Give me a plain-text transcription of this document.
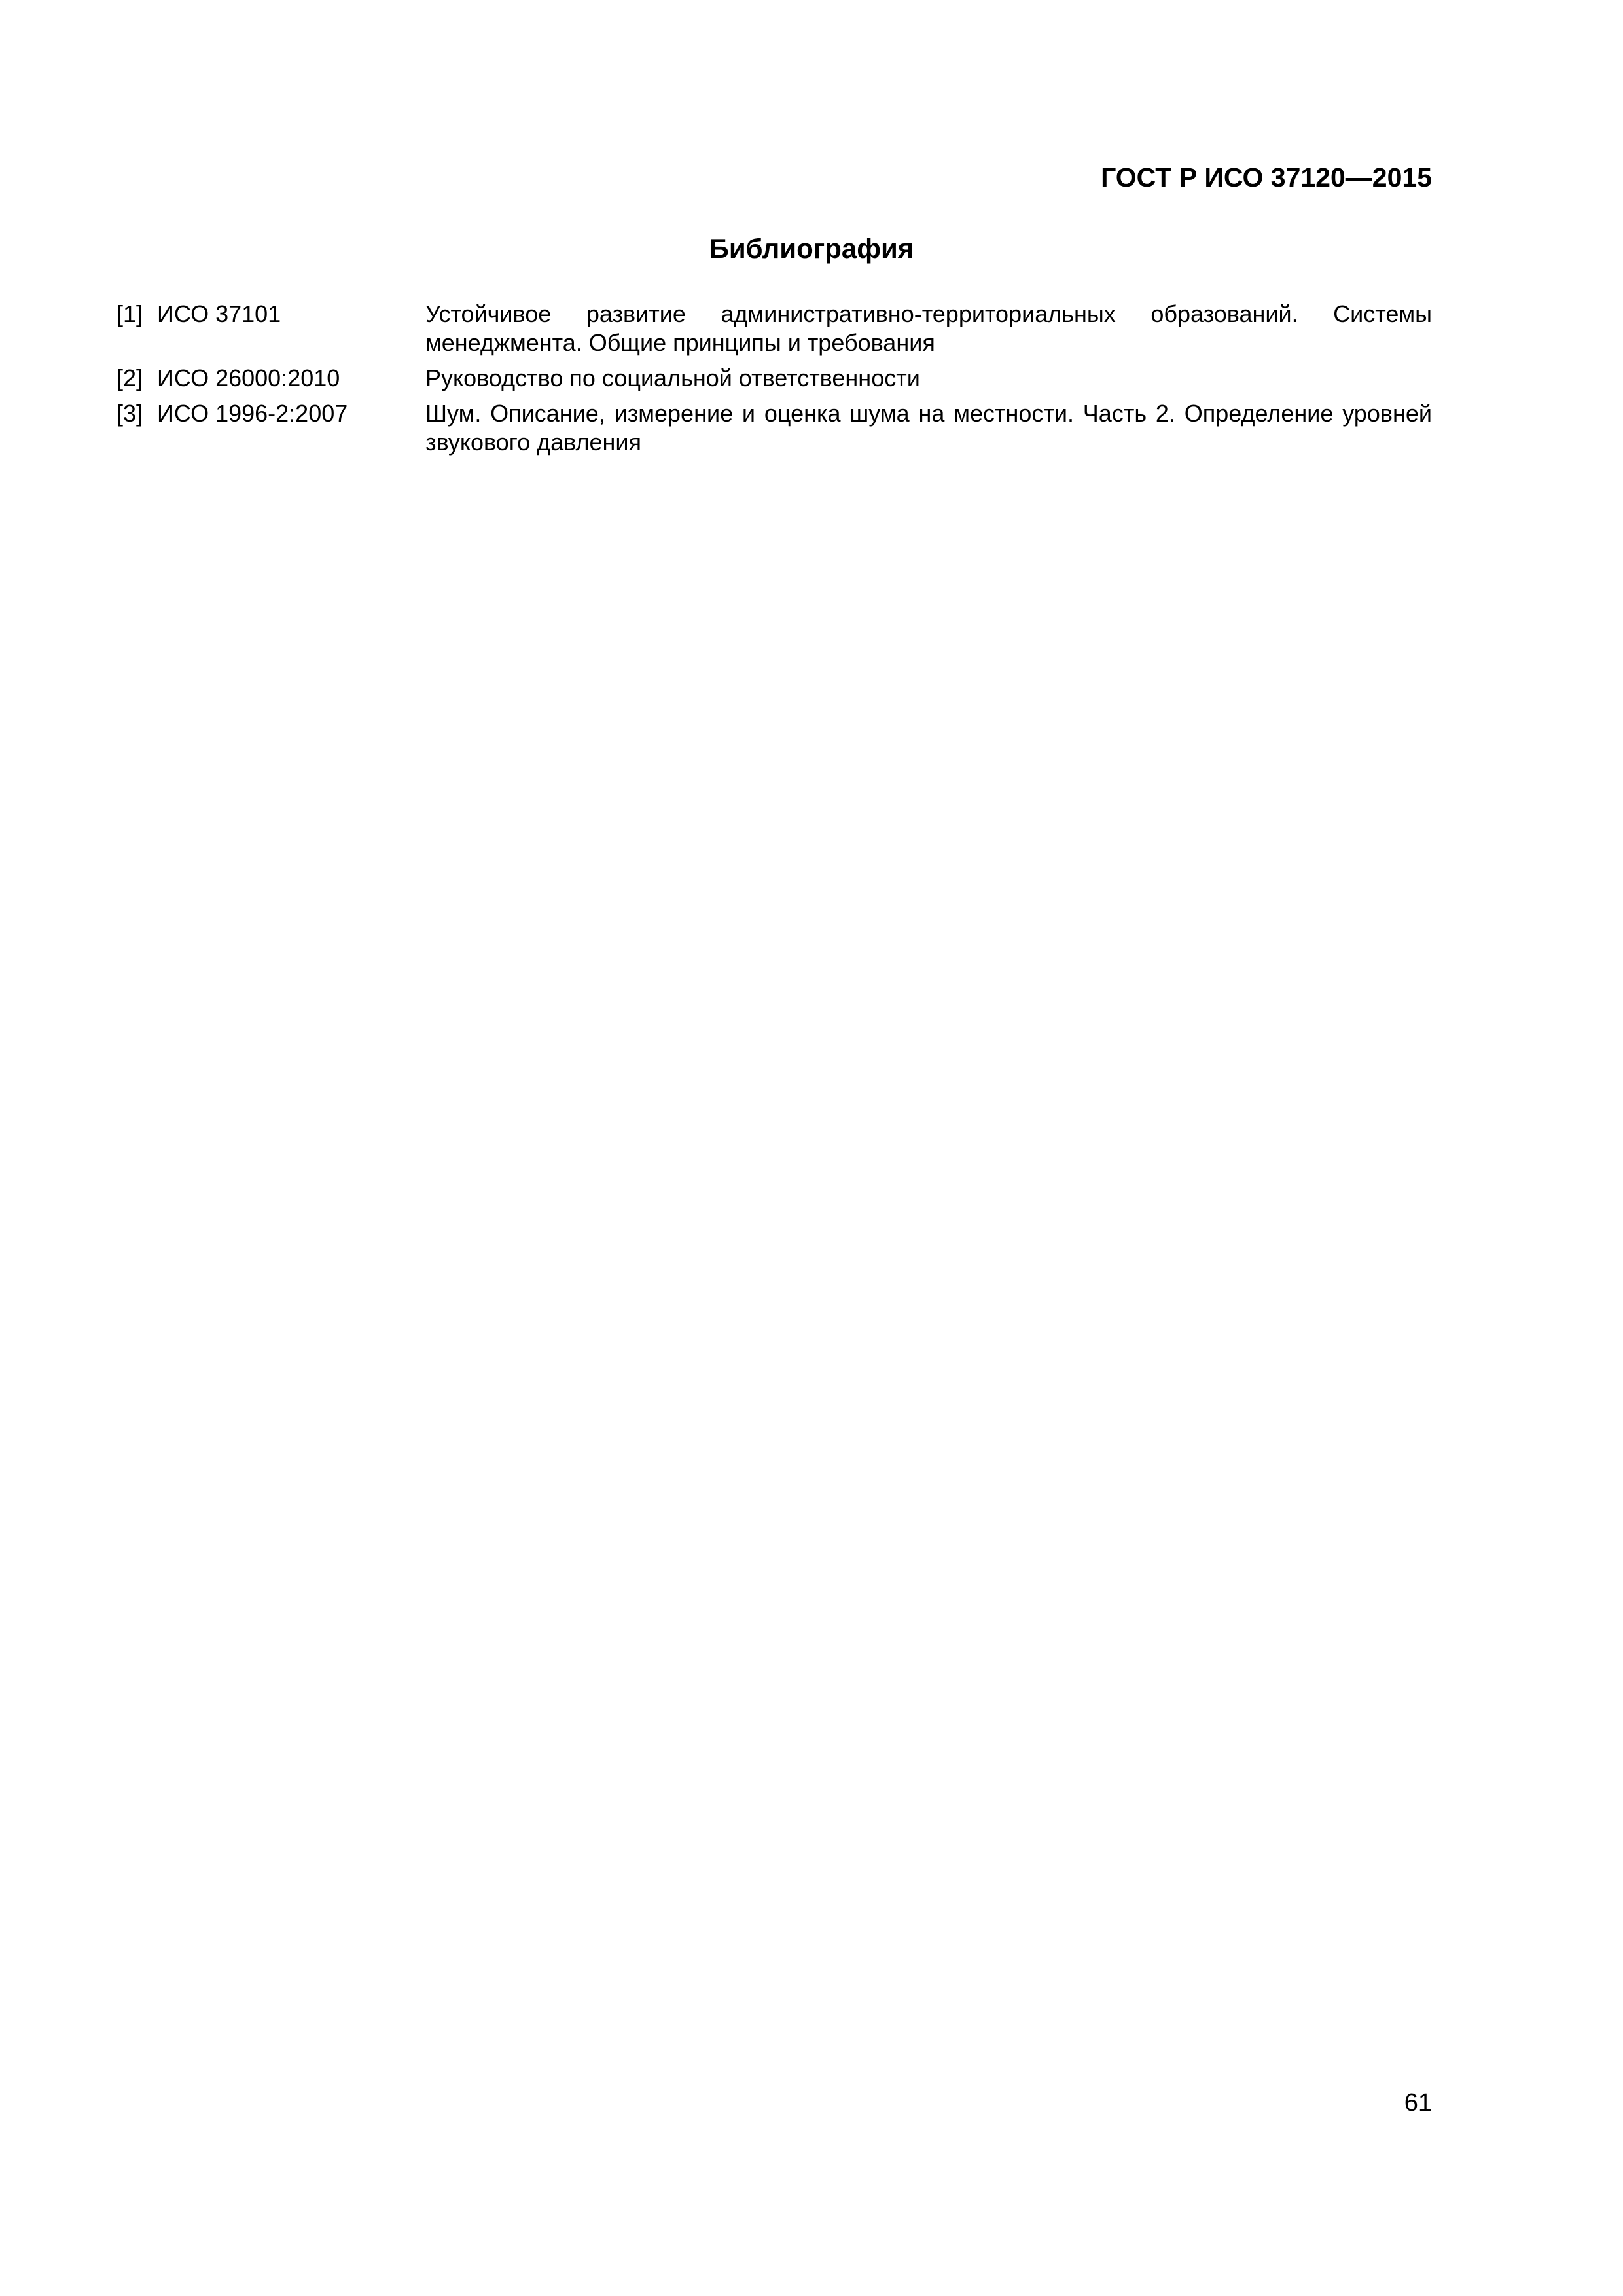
ГОСТ Р ИСО 37120—2015
Библиография
[1] ИСО 37101	Устойчивое развитие административно-территориальных образований. Системы менеджмента. Общие принципы и требования
[2] ИСО 26000:2010	Руководство по социальной ответственности
[3] ИСО 1996-2:2007	Шум. Описание, измерение и оценка шума на местности. Часть 2. Определение уровней звукового давления
61
